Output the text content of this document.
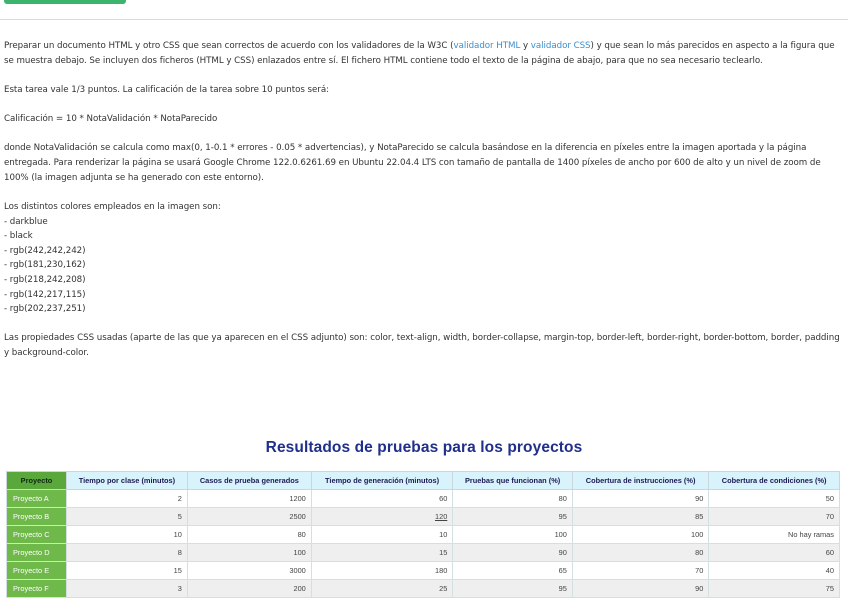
Preparar un documento HTML y otro CSS que sean correctos de acuerdo con los validadores de la W3C (validador HTML y validador CSS) y que sean lo más parecidos en aspecto a la figura que se muestra debajo. Se incluyen dos ficheros (HTML y CSS) enlazados entre sí. El fichero HTML contiene todo el texto de la página de abajo, para que no sea necesario teclearlo.

Esta tarea vale 1/3 puntos. La calificación de la tarea sobre 10 puntos será:

Calificación = 10 * NotaValidación * NotaParecido

donde NotaValidación se calcula como max(0, 1-0.1 * errores - 0.05 * advertencias), y NotaParecido se calcula basándose en la diferencia en píxeles entre la imagen aportada y la página entregada. Para renderizar la página se usará Google Chrome 122.0.6261.69 en Ubuntu 22.04.4 LTS con tamaño de pantalla de 1400 píxeles de ancho por 600 de alto y un nivel de zoom de 100% (la imagen adjunta se ha generado con este entorno).

Los distintos colores empleados en la imagen son:

- darkblue

- black

- rgb(242,242,242)

- rgb(181,230,162)

- rgb(218,242,208)

- rgb(142,217,115)

- rgb(202,237,251)

Las propiedades CSS usadas (aparte de las que ya aparecen en el CSS adjunto) son: color, text-align, width, border-collapse, margin-top, border-left, border-right, border-bottom, border, padding y background-color.

Resultados de pruebas para los proyectos
Proyecto	Tiempo por clase (minutos)	Casos de prueba generados	Tiempo de generación (minutos)	Pruebas que funcionan (%)	Cobertura de instrucciones (%)	Cobertura de condiciones (%)
Proyecto A	2	1200	60	80	90	50
Proyecto B	5	2500	120	95	85	70
Proyecto C	10	80	10	100	100	No hay ramas
Proyecto D	8	100	15	90	80	60
Proyecto E	15	3000	180	65	70	40
Proyecto F	3	200	25	95	90	75
